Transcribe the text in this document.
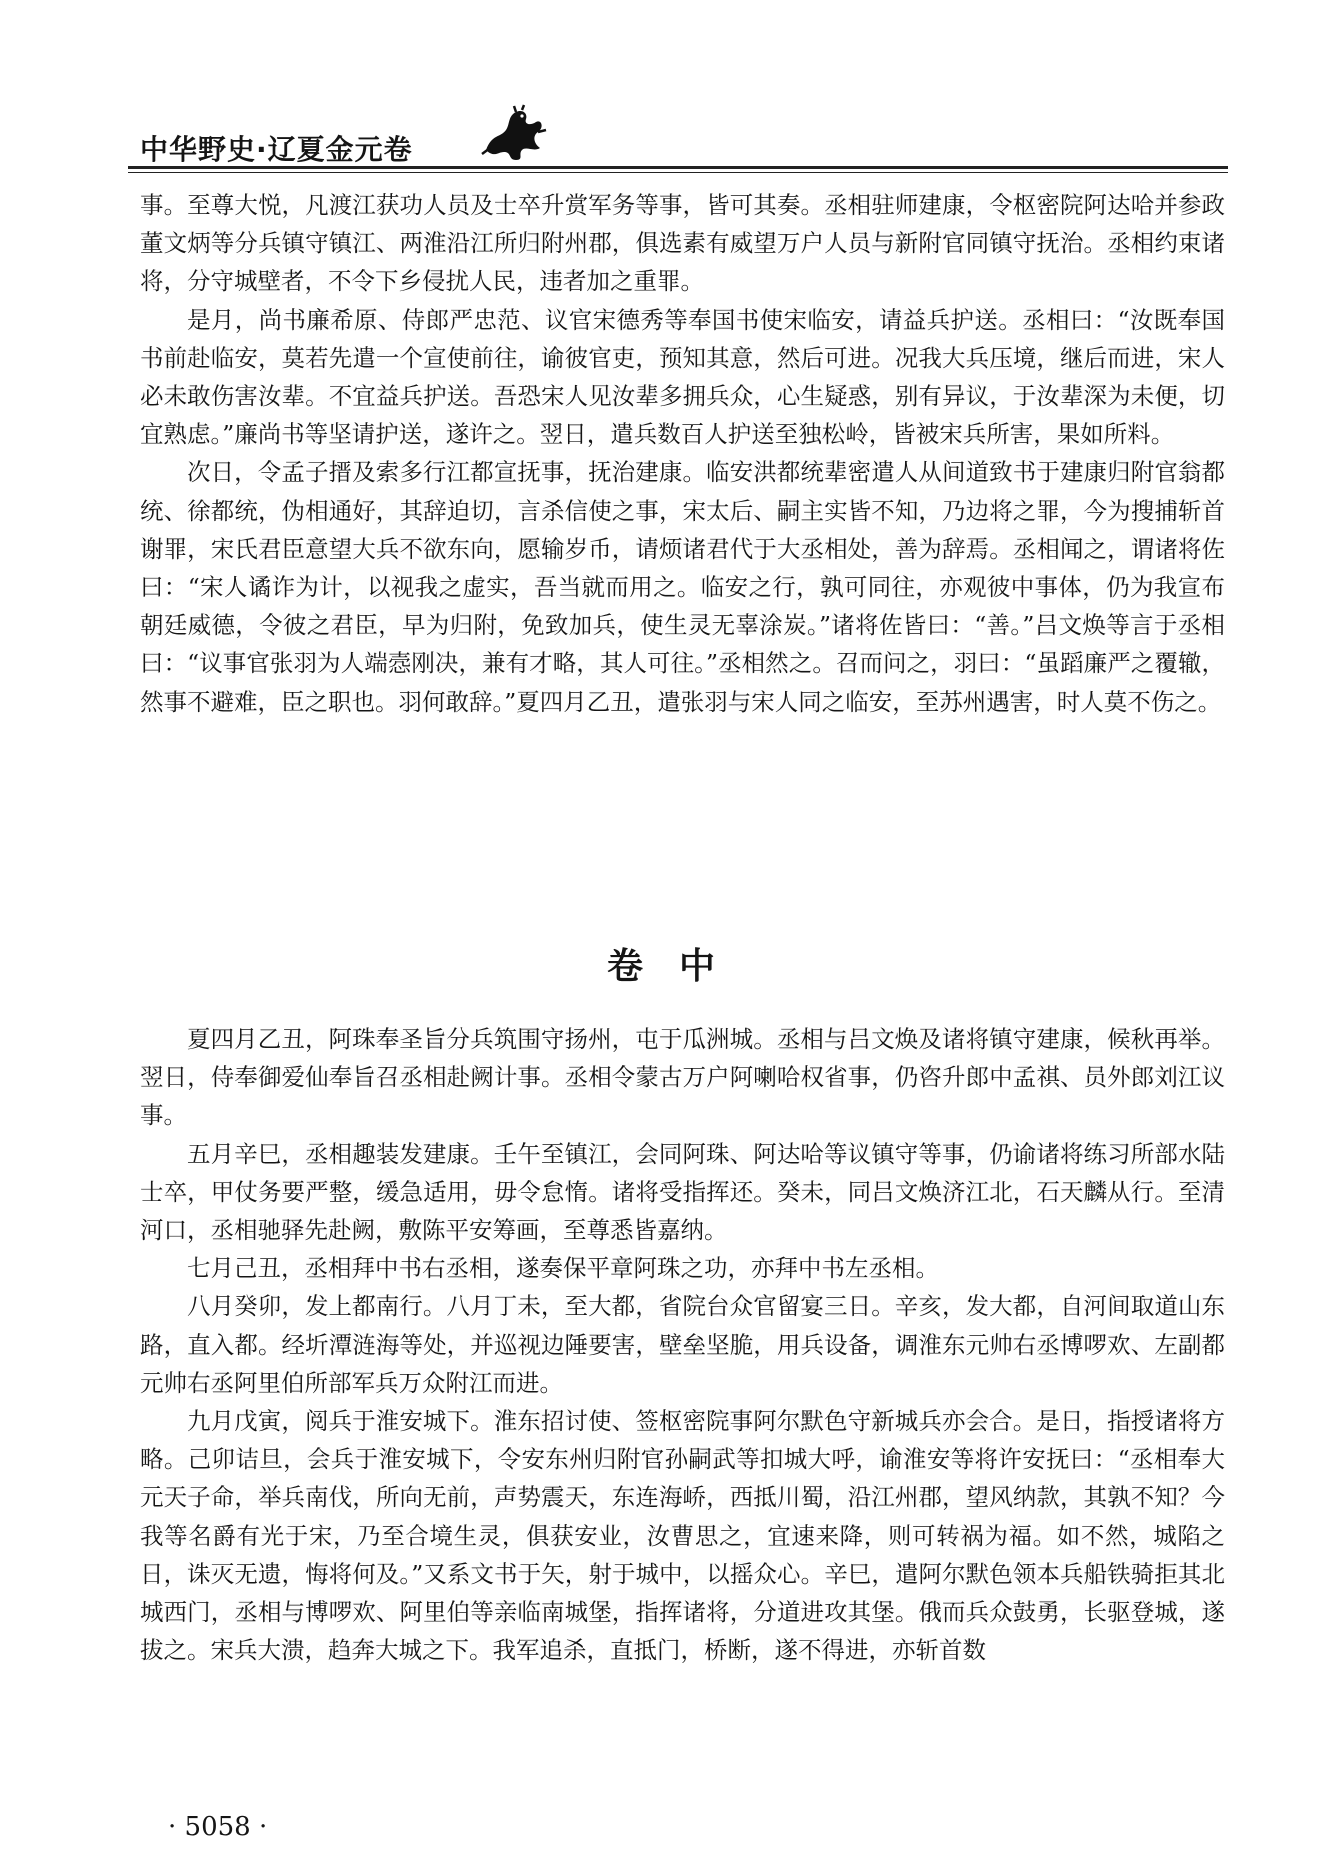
中华野史·辽夏金元卷

事。至尊大悦，凡渡江获功人员及士卒升赏军务等事，皆可其奏。丞相驻师建康，令枢密院阿达哈并参政董文炳等分兵镇守镇江、两淮沿江所归附州郡，俱选素有威望万户人员与新附官同镇守抚治。丞相约束诸将，分守城壁者，不令下乡侵扰人民，违者加之重罪。

是月，尚书廉希原、侍郎严忠范、议官宋德秀等奉国书使宋临安，请益兵护送。丞相曰：“汝既奉国书前赴临安，莫若先遣一个宣使前往，谕彼官吏，预知其意，然后可进。况我大兵压境，继后而进，宋人必未敢伤害汝辈。不宜益兵护送。吾恐宋人见汝辈多拥兵众，心生疑惑，别有异议，于汝辈深为未便，切宜熟虑。”廉尚书等坚请护送，遂许之。翌日，遣兵数百人护送至独松岭，皆被宋兵所害，果如所料。

次日，令孟子搢及索多行江都宣抚事，抚治建康。临安洪都统辈密遣人从间道致书于建康归附官翁都统、徐都统，伪相通好，其辞迫切，言杀信使之事，宋太后、嗣主实皆不知，乃边将之罪，今为搜捕斩首谢罪，宋氏君臣意望大兵不欲东向，愿输岁币，请烦诸君代于大丞相处，善为辞焉。丞相闻之，谓诸将佐曰：“宋人谲诈为计，以视我之虚实，吾当就而用之。临安之行，孰可同往，亦观彼中事体，仍为我宣布朝廷威德，令彼之君臣，早为归附，免致加兵，使生灵无辜涂炭。”诸将佐皆曰：“善。”吕文焕等言于丞相曰：“议事官张羽为人端悫刚决，兼有才略，其人可往。”丞相然之。召而问之，羽曰：“虽蹈廉严之覆辙，然事不避难，臣之职也。羽何敢辞。”夏四月乙丑，遣张羽与宋人同之临安，至苏州遇害，时人莫不伤之。

卷　中

夏四月乙丑，阿珠奉圣旨分兵筑围守扬州，屯于瓜洲城。丞相与吕文焕及诸将镇守建康，候秋再举。翌日，侍奉御爱仙奉旨召丞相赴阙计事。丞相令蒙古万户阿喇哈权省事，仍咨升郎中孟祺、员外郎刘江议事。

五月辛巳，丞相趣装发建康。壬午至镇江，会同阿珠、阿达哈等议镇守等事，仍谕诸将练习所部水陆士卒，甲仗务要严整，缓急适用，毋令怠惰。诸将受指挥还。癸未，同吕文焕济江北，石天麟从行。至清河口，丞相驰驿先赴阙，敷陈平安筹画，至尊悉皆嘉纳。

七月己丑，丞相拜中书右丞相，遂奏保平章阿珠之功，亦拜中书左丞相。

八月癸卯，发上都南行。八月丁未，至大都，省院台众官留宴三日。辛亥，发大都，自河间取道山东路，直入都。经圻潭涟海等处，并巡视边陲要害，壁垒坚脆，用兵设备，调淮东元帅右丞博啰欢、左副都元帅右丞阿里伯所部军兵万众附江而进。

九月戊寅，阅兵于淮安城下。淮东招讨使、签枢密院事阿尔默色守新城兵亦会合。是日，指授诸将方略。己卯诘旦，会兵于淮安城下，令安东州归附官孙嗣武等扣城大呼，谕淮安等将许安抚曰：“丞相奉大元天子命，举兵南伐，所向无前，声势震天，东连海峤，西抵川蜀，沿江州郡，望风纳款，其孰不知？今我等名爵有光于宋，乃至合境生灵，俱获安业，汝曹思之，宜速来降，则可转祸为福。如不然，城陷之日，诛灭无遗，悔将何及。”又系文书于矢，射于城中，以摇众心。辛巳，遣阿尔默色领本兵船铁骑拒其北城西门，丞相与博啰欢、阿里伯等亲临南城堡，指挥诸将，分道进攻其堡。俄而兵众鼓勇，长驱登城，遂拔之。宋兵大溃，趋奔大城之下。我军追杀，直抵门，桥断，遂不得进，亦斩首数

· 5058 ·
